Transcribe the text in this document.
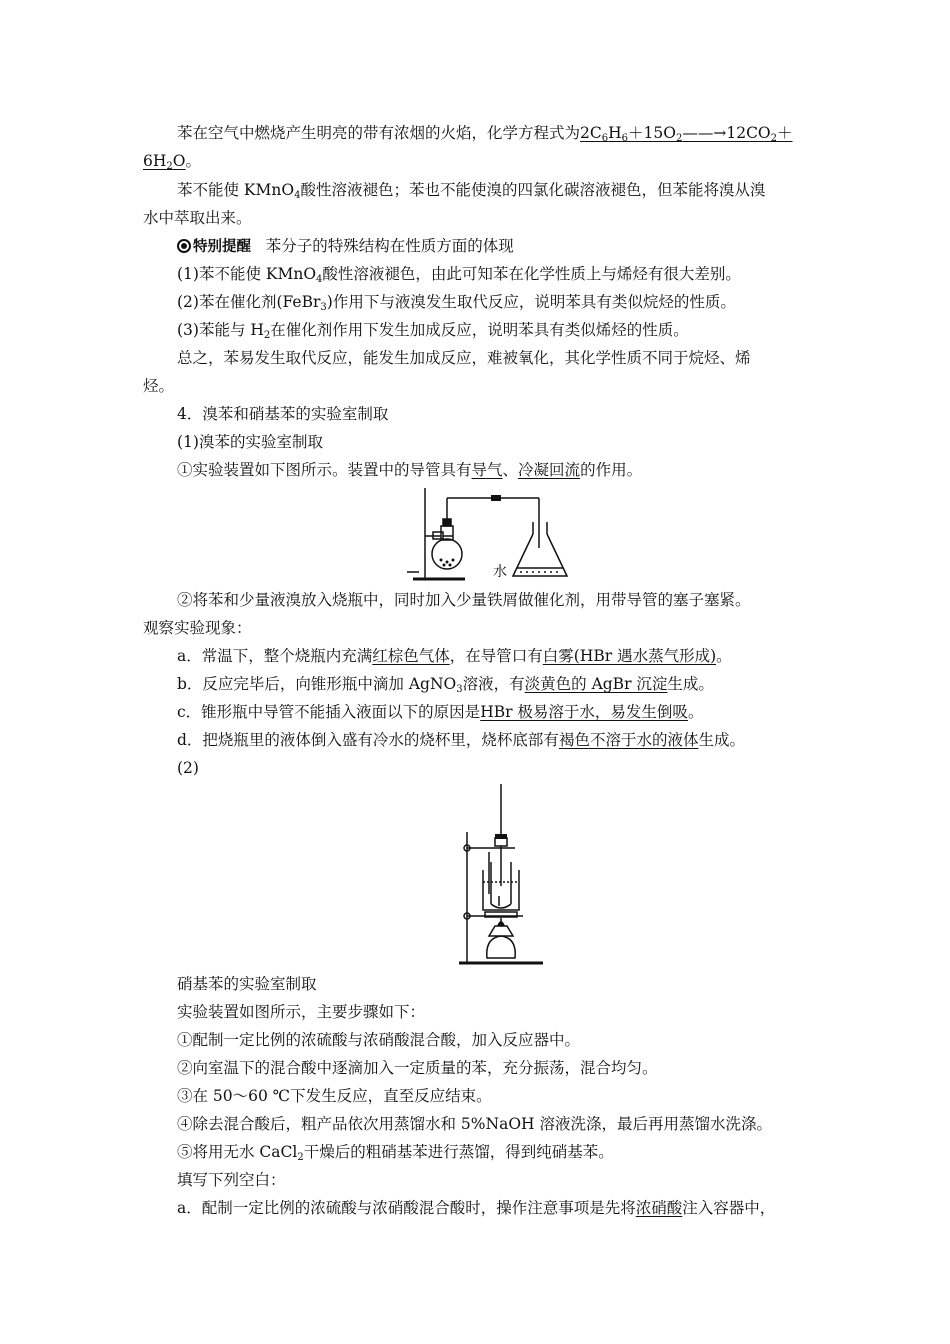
苯在空气中燃烧产生明亮的带有浓烟的火焰，化学方程式为$2C_6H_6+15O_2——\to 12CO_2+$
$6H_2O$。
苯不能使 KMnO$_4$酸性溶液褪色；苯也不能使溴的四氯化碳溶液褪色，但苯能将溴从溴
水中萃取出来。
特别提醒 苯分子的特殊结构在性质方面的体现
(1)苯不能使 KMnO$_4$酸性溶液褪色，由此可知苯在化学性质上与烯烃有很大差别。
(2)苯在催化剂(FeBr$_3$)作用下与液溴发生取代反应，说明苯具有类似烷烃的性质。
(3)苯能与 $H_2$在催化剂作用下发生加成反应，说明苯具有类似烯烃的性质。
总之，苯易发生取代反应，能发生加成反应，难被氧化，其化学性质不同于烷烃、烯
烃。
4．溴苯和硝基苯的实验室制取
(1)溴苯的实验室制取
①实验装置如下图所示。装置中的导管具有导气、冷凝回流的作用。
水
②将苯和少量液溴放入烧瓶中，同时加入少量铁屑做催化剂，用带导管的塞子塞紧。
观察实验现象：
a．常温下，整个烧瓶内充满红棕色气体，在导管口有白雾(HBr 遇水蒸气形成)。
b．反应完毕后，向锥形瓶中滴加 AgNO$_3$溶液，有淡黄色的 AgBr 沉淀生成。
c．锥形瓶中导管不能插入液面以下的原因是HBr 极易溶于水，易发生倒吸。
d．把烧瓶里的液体倒入盛有冷水的烧杯里，烧杯底部有褐色不溶于水的液体生成。
(2)
硝基苯的实验室制取
实验装置如图所示，主要步骤如下：
①配制一定比例的浓硫酸与浓硝酸混合酸，加入反应器中。
②向室温下的混合酸中逐滴加入一定质量的苯，充分振荡，混合均匀。
③在 50～60 ℃下发生反应，直至反应结束。
④除去混合酸后，粗产品依次用蒸馏水和 5%NaOH 溶液洗涤，最后再用蒸馏水洗涤。
⑤将用无水 CaCl$_2$干燥后的粗硝基苯进行蒸馏，得到纯硝基苯。
填写下列空白：
a．配制一定比例的浓硫酸与浓硝酸混合酸时，操作注意事项是先将浓硝酸注入容器中，
